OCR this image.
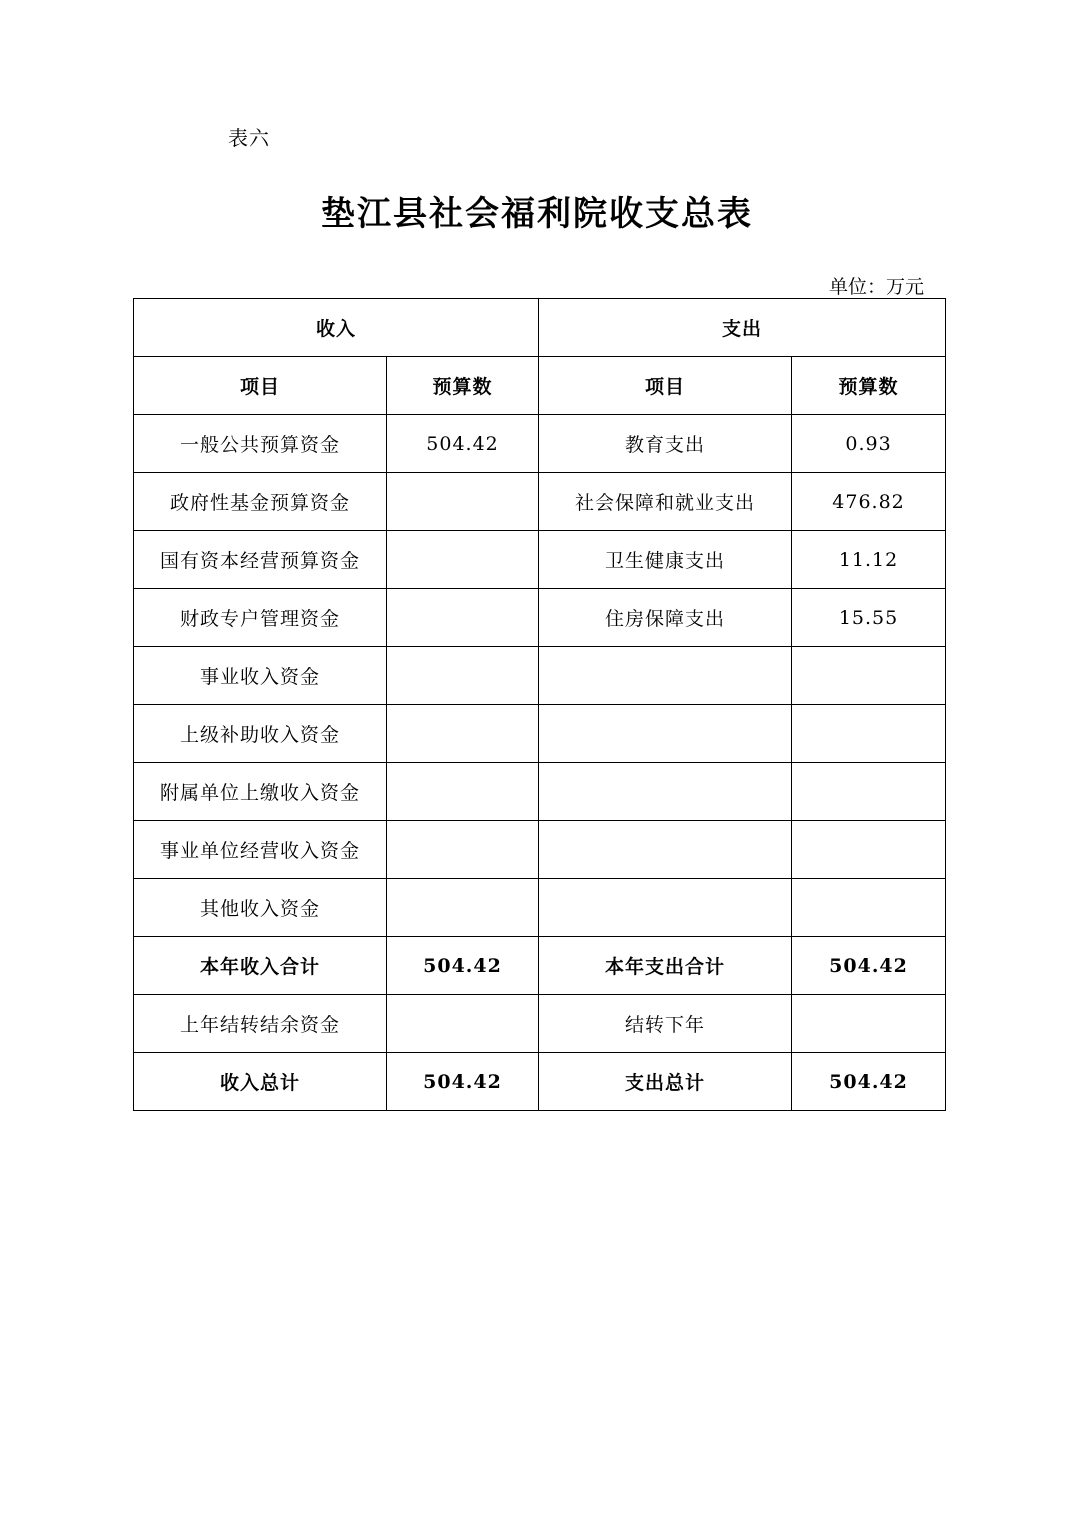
表六
垫江县社会福利院收支总表
单位：万元
收入		支出	
项目	预算数	项目	预算数
一般公共预算资金	504.42	教育支出	0.93
政府性基金预算资金		社会保障和就业支出	476.82
国有资本经营预算资金		卫生健康支出	11.12
财政专户管理资金		住房保障支出	15.55
事业收入资金			
上级补助收入资金			
附属单位上缴收入资金			
事业单位经营收入资金			
其他收入资金			
本年收入合计	504.42	本年支出合计	504.42
上年结转结余资金		结转下年	
收入总计	504.42	支出总计	504.42
